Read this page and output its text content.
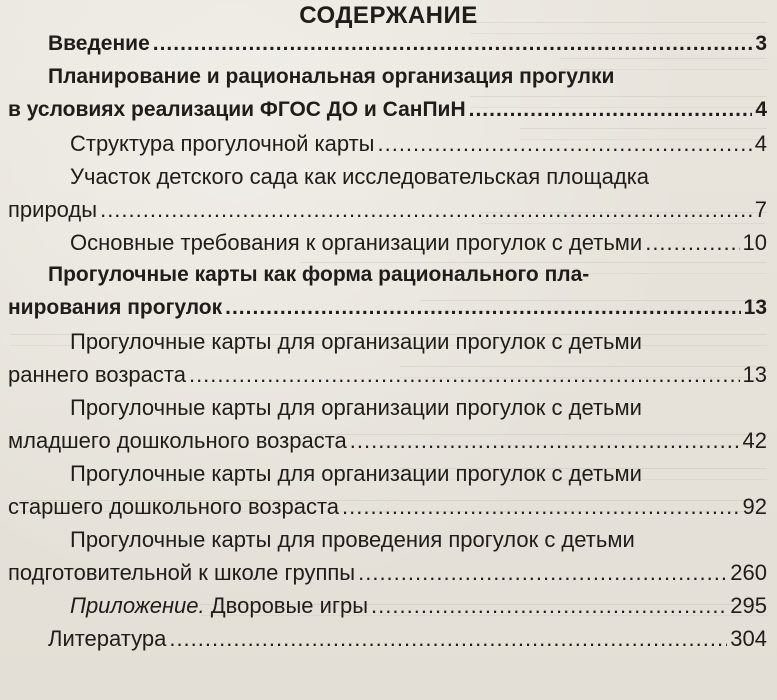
СОДЕРЖАНИЕ
Введение .....	3
Планирование и рациональная организация прогулки
в условиях реализации ФГОС ДО и СанПиН .....	4
Структура прогулочной карты .....	4
Участок детского сада как исследовательская площадка
природы .....	7
Основные требования к организации прогулок с детьми .....	10
Прогулочные карты как форма рационального пла-
нирования прогулок .....	13
Прогулочные карты для организации прогулок с детьми
раннего возраста .....	13
Прогулочные карты для организации прогулок с детьми
младшего дошкольного возраста .....	42
Прогулочные карты для организации прогулок с детьми
старшего дошкольного возраста .....	92
Прогулочные карты для проведения прогулок с детьми
подготовительной к школе группы .....	260
Приложение. Дворовые игры .....	295
Литература .....	304
